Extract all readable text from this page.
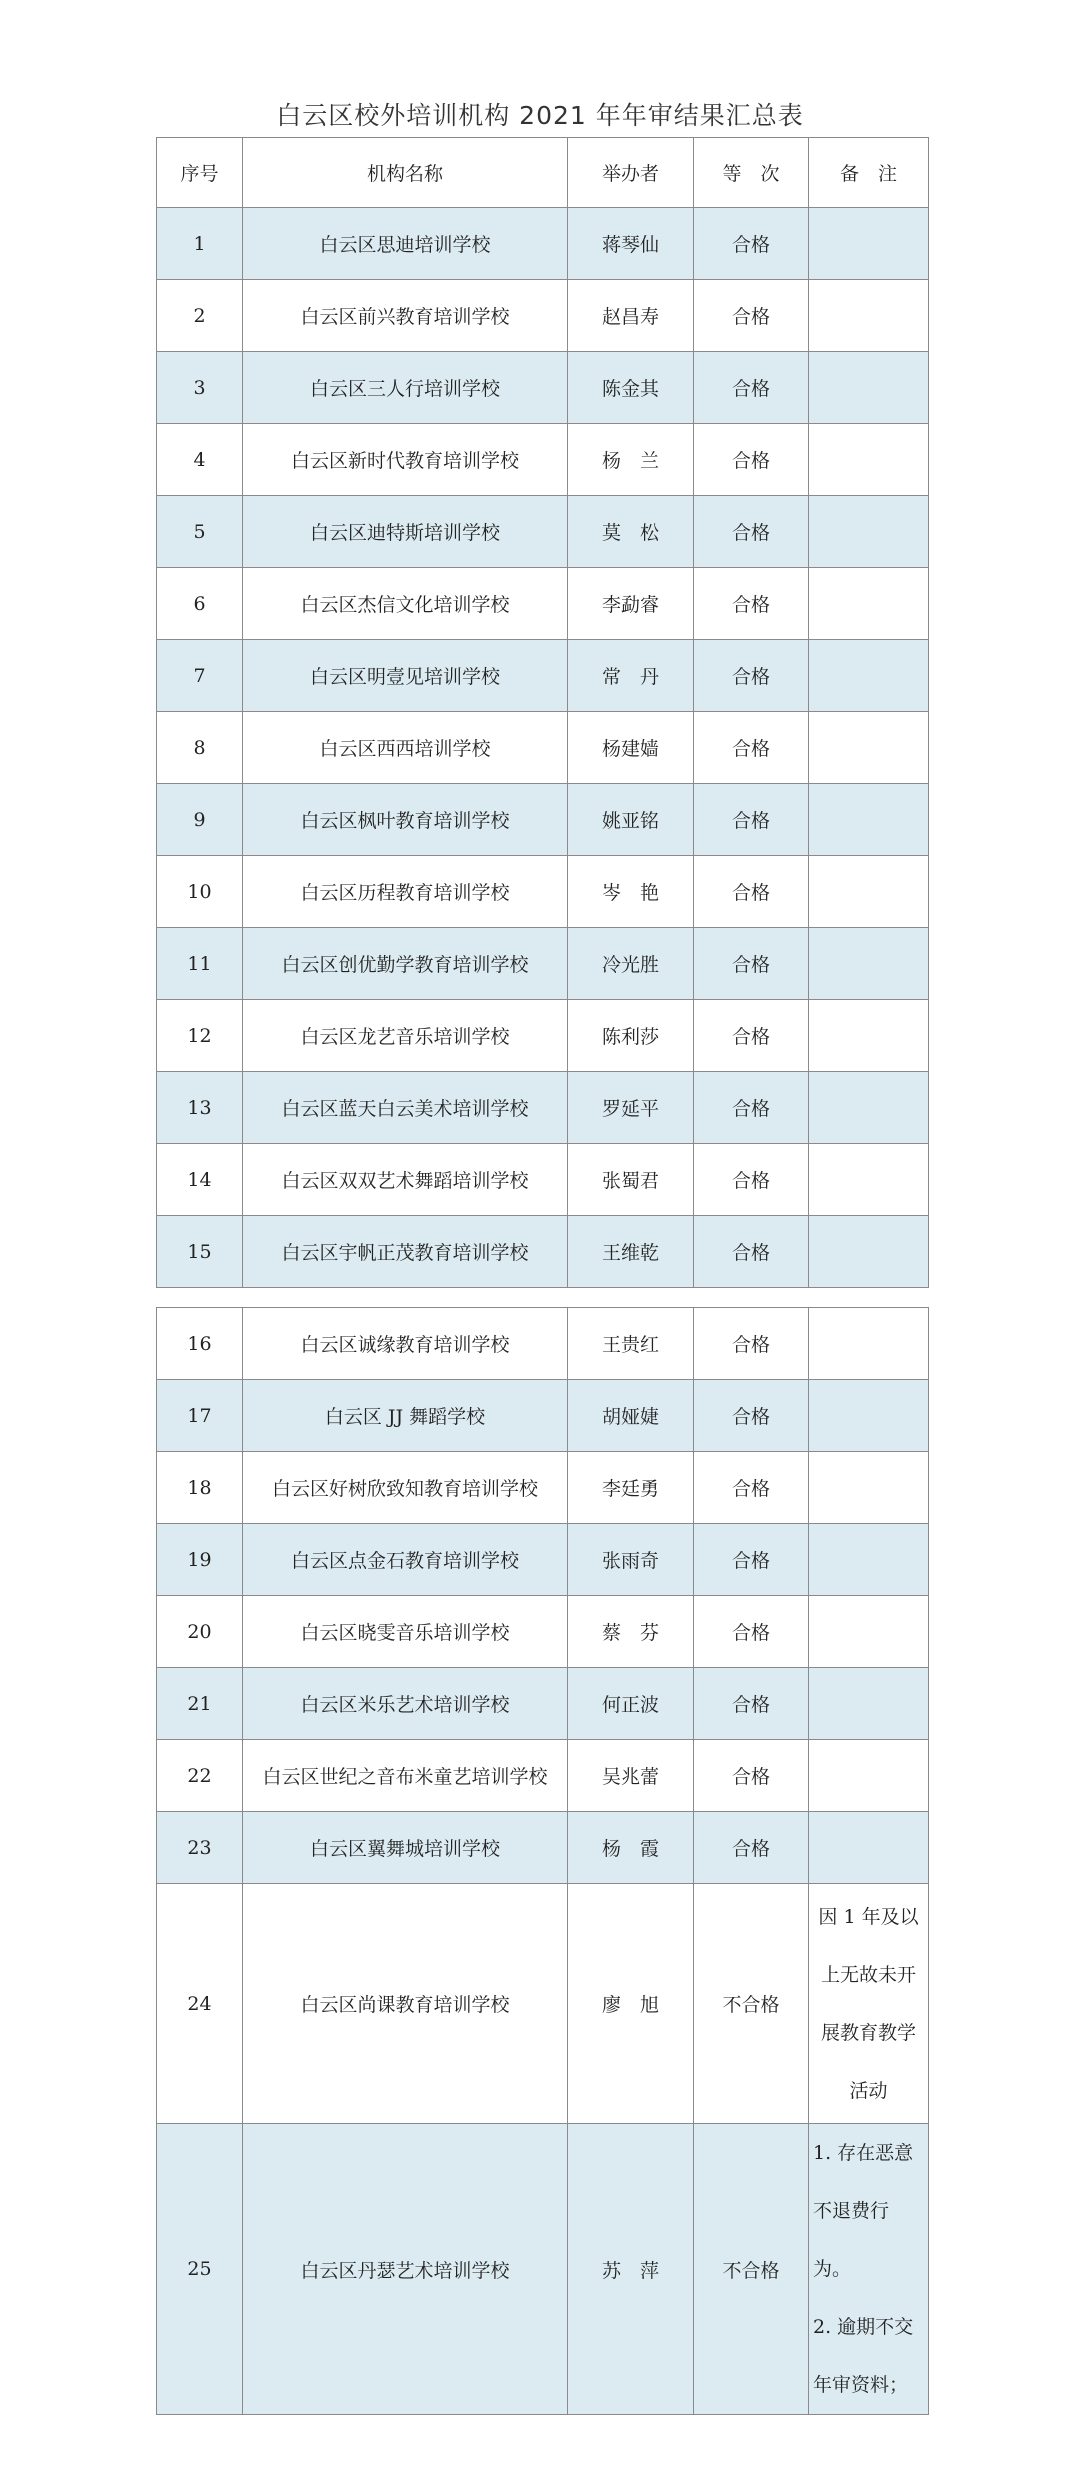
白云区校外培训机构 2021 年年审结果汇总表
序号	机构名称	举办者	等　次	备　注
1	白云区思迪培训学校	蒋琴仙	合格	
2	白云区前兴教育培训学校	赵昌寿	合格	
3	白云区三人行培训学校	陈金其	合格	
4	白云区新时代教育培训学校	杨　兰	合格	
5	白云区迪特斯培训学校	莫　松	合格	
6	白云区杰信文化培训学校	李勐睿	合格	
7	白云区明壹见培训学校	常　丹	合格	
8	白云区西西培训学校	杨建嫱	合格	
9	白云区枫叶教育培训学校	姚亚铭	合格	
10	白云区历程教育培训学校	岑　艳	合格	
11	白云区创优勤学教育培训学校	冷光胜	合格	
12	白云区龙艺音乐培训学校	陈利莎	合格	
13	白云区蓝天白云美术培训学校	罗延平	合格	
14	白云区双双艺术舞蹈培训学校	张蜀君	合格	
15	白云区宇帆正茂教育培训学校	王维乾	合格	
16	白云区诚缘教育培训学校	王贵红	合格	
17	白云区 JJ 舞蹈学校	胡娅婕	合格	
18	白云区好树欣致知教育培训学校	李廷勇	合格	
19	白云区点金石教育培训学校	张雨奇	合格	
20	白云区晓雯音乐培训学校	蔡　芬	合格	
21	白云区米乐艺术培训学校	何正波	合格	
22	白云区世纪之音布米童艺培训学校	吴兆蕾	合格	
23	白云区翼舞城培训学校	杨　霞	合格	
24	白云区尚课教育培训学校	廖　旭	不合格	因 1 年及以
上无故未开
展教育教学
活动

25	白云区丹瑟艺术培训学校	苏　萍	不合格	1. 存在恶意
不退费行为。
2. 逾期不交
年审资料；
